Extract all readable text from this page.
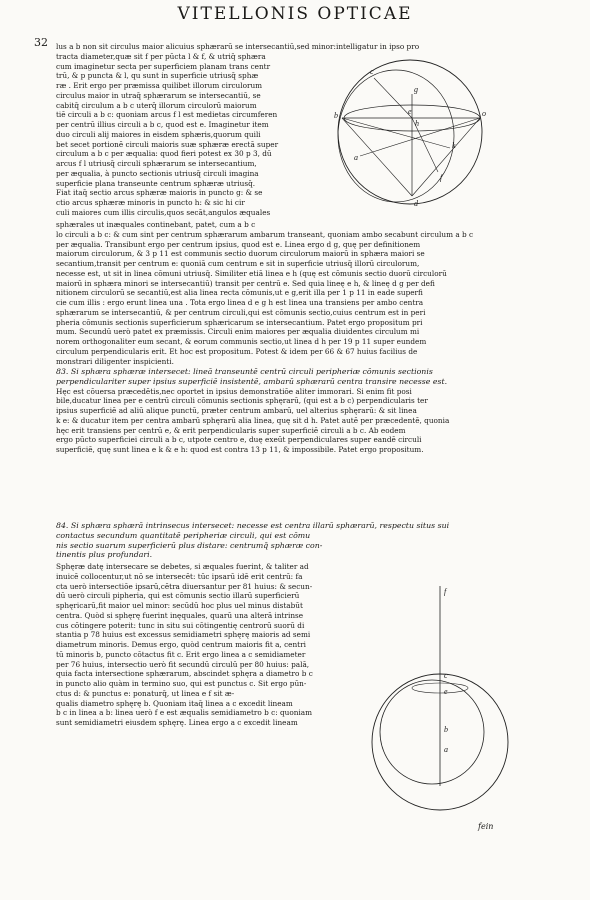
VITELLONIS OPTICAE
32 lus a b non sit circulus maior alicuius sphærarū se intersecantiū,sed minor:intelligatur in ipso pro
tracta diameter,quæ sit f per pūcta l & f, & utriq̄ sphæra
cum imaginetur secta per superficiem planam trans centr
trū, & p puncta & l, qu sunt in superficie utriusq̄ sphæ
ræ . Erit ergo per præmissa quilibet illorum circulorum
circulus maior in utraq̄ sphærarum se intersecantiū, se
cabitq̄ circulum a b c uterq̄ illorum circulorū maiorum
tiē circuli a b c: quoniam arcus f l est medietas circumferen
per centrū illius circuli a b c, quod est e. Imaginetur item
duo circuli alij maiores in eisdem sphæris,quorum quili
bet secet portionē circuli maioris suæ sphæræ erectā super
circulum a b c per æqualia: quod fieri potest ex 30 p 3, dū
arcus f l utriusq̄ circuli sphærarum se intersecantium,
per æqualia, à puncto sectionis utriusq̄ circuli imagina
superficie plana transeunte centrum sphæræ utriusq̄.
Fiat itaq̄ sectio arcus sphæræ maioris in puncto g: & se
ctio arcus sphæræ minoris in puncto h: & sic hi cir
culi maiores cum illis circulis,quos secāt,angulos æquales
sphærales ut inæquales continebant, patet, cum a b c
lo circuli a b c: & cum sint per centrum sphærarum ambarum transeant, quoniam ambo secabunt circulum a b c
per æqualia. Transibunt ergo per centrum ipsius, quod est e. Linea ergo d g, quę per definitionem
maiorum circulorum, & 3 p 11 est communis sectio duorum circulorum maiorū in sphæra maiori se
secantium,transit per centrum e: quoniā cum centrum e sit in superficie utriusq̄ illorū circulorum,
necesse est, ut sit in linea cōmuni utriusq̄. Similiter etiā linea e h (quę est cōmunis sectio duorū circulorū
maiorū in sphæra minori se intersecantiū) transit per centrū e. Sed quia lineę e h, & lineę d g per defi
nitionem circulorū se secantiū,est alia linea recta cōmunis,ut e g,erit illa per 1 p 11 in eade superfi
cie cum illis : ergo erunt linea una . Tota ergo linea d e g h est linea una transiens per ambo centra
sphærarum se intersecantiū, & per centrum circuli,qui est cōmunis sectio,cuius centrum est in peri
pheria cōmunis sectionis superficierum sphæricarum se intersecantium. Patet ergo propositum pri
mum. Secundū uerò patet ex præmissis. Circuli enim maiores per æqualia diuidentes circulum mi
norem orthogonaliter eum secant, & eorum communis sectio,ut linea d h per 19 p 11 super eundem
circulum perpendicularis erit. Et hoc est propositum. Potest & idem per 66 & 67 huius facilius de
monstrari diligenter inspicienti.
83. Si sphæra sphæræ intersecet: lineā transeuntē centrū circuli peripheriæ cōmunis sectionis
perpendiculariter super ipsius superficiē insistentē, ambarū sphærarū centra transire necesse est.
Hęc est cōuersa præcedētis,nec oportet in ipsius demonstratiōe aliter immorari. Si enim fit posi
bile,ducatur linea per e centrū circuli cōmunis sectionis sphęrarū, (qui est a b c) perpendicularis ter
ipsius superficiē ad aliū alique punctū, præter centrum ambarū, uel alterius sphęrarū: & sit linea
k e: & ducatur item per centra ambarū sphęrarū alia linea, quę sit d h. Patet autē per præcedentē, quonia
hęc erit transiens per centrū e, & erit perpendicularis super superficiē circuli a b c. Ab eodem
ergo pūcto superficiei circuli a b c, utpote centro e, duę exeūt perpendiculares super eandē circuli
superficiē, quę sunt linea e k & e h: quod est contra 13 p 11, & impossibile. Patet ergo propositum.
84. Si sphæra sphærā intrinsecus intersecet: necesse est centra illarū sphærarū, respectu situs sui
contactus secundum quantitatē peripheriæ circuli, qui est cōmu
nis sectio suarum superficierū plus distare: centrumq̄ sphæræ con-
tinentis plus profundari.
Sphęræ datę intersecare se debetes, si æquales fuerint, & taliter ad
inuicē collocentur,ut nō se intersecēt: tūc ipsarū idē erit centrū: fa
cta uerò intersectiōe ipsarū,cētra diuersantur per 81 huius: & secun-
dū uerò circuli pipheria, qui est cōmunis sectio illarū superficierū
sphęricarū,fit maior uel minor: secūdū hoc plus uel minus distabūt
centra. Quòd si sphęrę fuerint inęquales, quarū una alterā intrinse
cus cōtingere poterit: tunc in situ sui cōtingentię centrorū suorū di
stantia p 78 huius est excessus semidiametri sphęrę maioris ad semi
diametrum minoris. Demus ergo, quòd centrum maioris fit a, centri
tū minoris b, puncto cōtactus fit c. Erit ergo linea a c semidiameter
per 76 huius, intersectio uerò fit secundū circulū per 80 huius: palā,
quia facta intersectione sphærarum, abscindet sphęra a diametro b c
in puncto alio quàm in termino suo, qui est punctus c. Sit ergo pūn-
ctus d: & punctus e: ponaturq̄, ut linea e f sit æ-
qualis diametro sphęrę b. Quoniam itaq̄ linea a c excedit lineam
b c in linea a b: linea uerò f e est æqualis semidiametro b c: quoniam
sunt semidiametri eiusdem sphęrę. Linea ergo a c excedit lineam
fein
c
g
b	e	o
h
d
a
f
k
f
c
e
b
a
